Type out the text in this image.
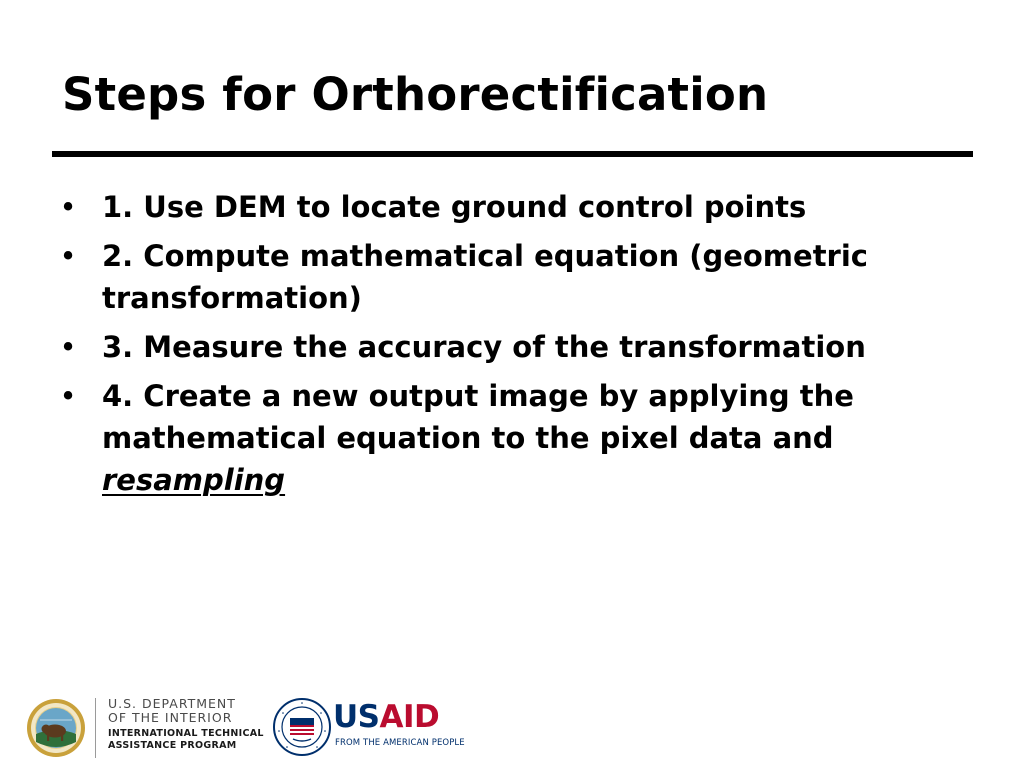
Steps for Orthorectification
• 1. Use DEM to locate ground control points
• 2. Compute mathematical equation (geometric transformation)
• 3. Measure the accuracy of the transformation
• 4. Create a new output image by applying the mathematical equation to the pixel data and resampling
U.S. DEPARTMENT
OF THE INTERIOR
INTERNATIONAL TECHNICAL
ASSISTANCE PROGRAM
USAID
FROM THE AMERICAN PEOPLE
